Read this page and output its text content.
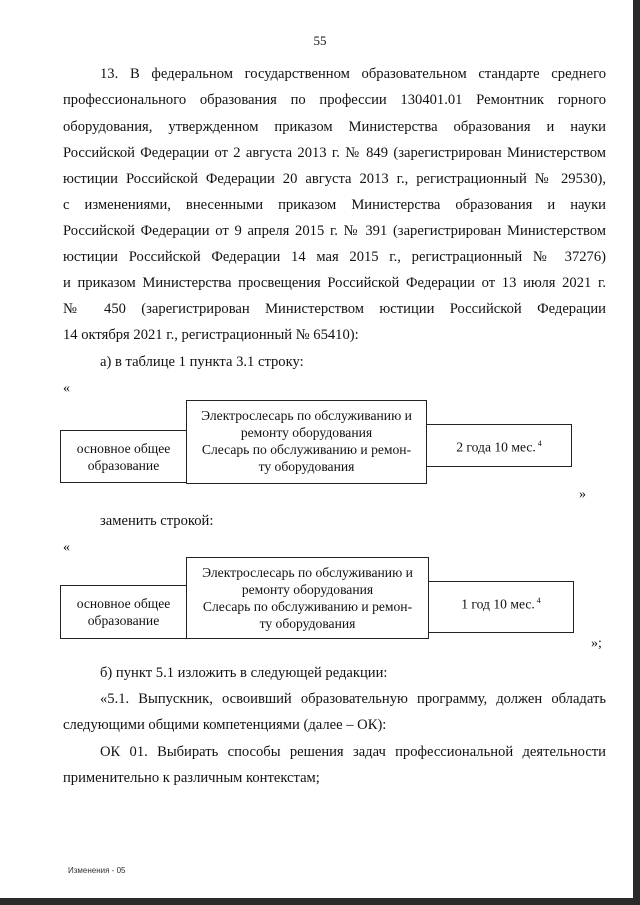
55
13. В федеральном государственном образовательном стандарте среднего
профессионального образования по профессии 130401.01 Ремонтник горного
оборудования, утвержденном приказом Министерства образования и науки
Российской Федерации от 2 августа 2013 г. № 849 (зарегистрирован Министерством
юстиции Российской Федерации 20 августа 2013 г., регистрационный № 29530),
с изменениями, внесенными приказом Министерства образования и науки
Российской Федерации от 9 апреля 2015 г. № 391 (зарегистрирован Министерством
юстиции Российской Федерации 14 мая 2015 г., регистрационный № 37276)
и приказом Министерства просвещения Российской Федерации от 13 июля 2021 г.
№ 450 (зарегистрирован Министерством юстиции Российской Федерации
14 октября 2021 г., регистрационный № 65410):
а) в таблице 1 пункта 3.1 строку:
«
основное общее
образование
Электрослесарь по обслуживанию и
ремонту оборудования
Слесарь по обслуживанию и ремон-
ту оборудования
2 года 10 мес. $^4$
»
заменить строкой:
«
основное общее
образование
Электрослесарь по обслуживанию и
ремонту оборудования
Слесарь по обслуживанию и ремон-
ту оборудования
1 год 10 мес. $^4$
»;
б) пункт 5.1 изложить в следующей редакции:
«5.1. Выпускник, освоивший образовательную программу, должен обладать
следующими общими компетенциями (далее – ОК):
ОК 01. Выбирать способы решения задач профессиональной деятельности
применительно к различным контекстам;
Изменения - 05
